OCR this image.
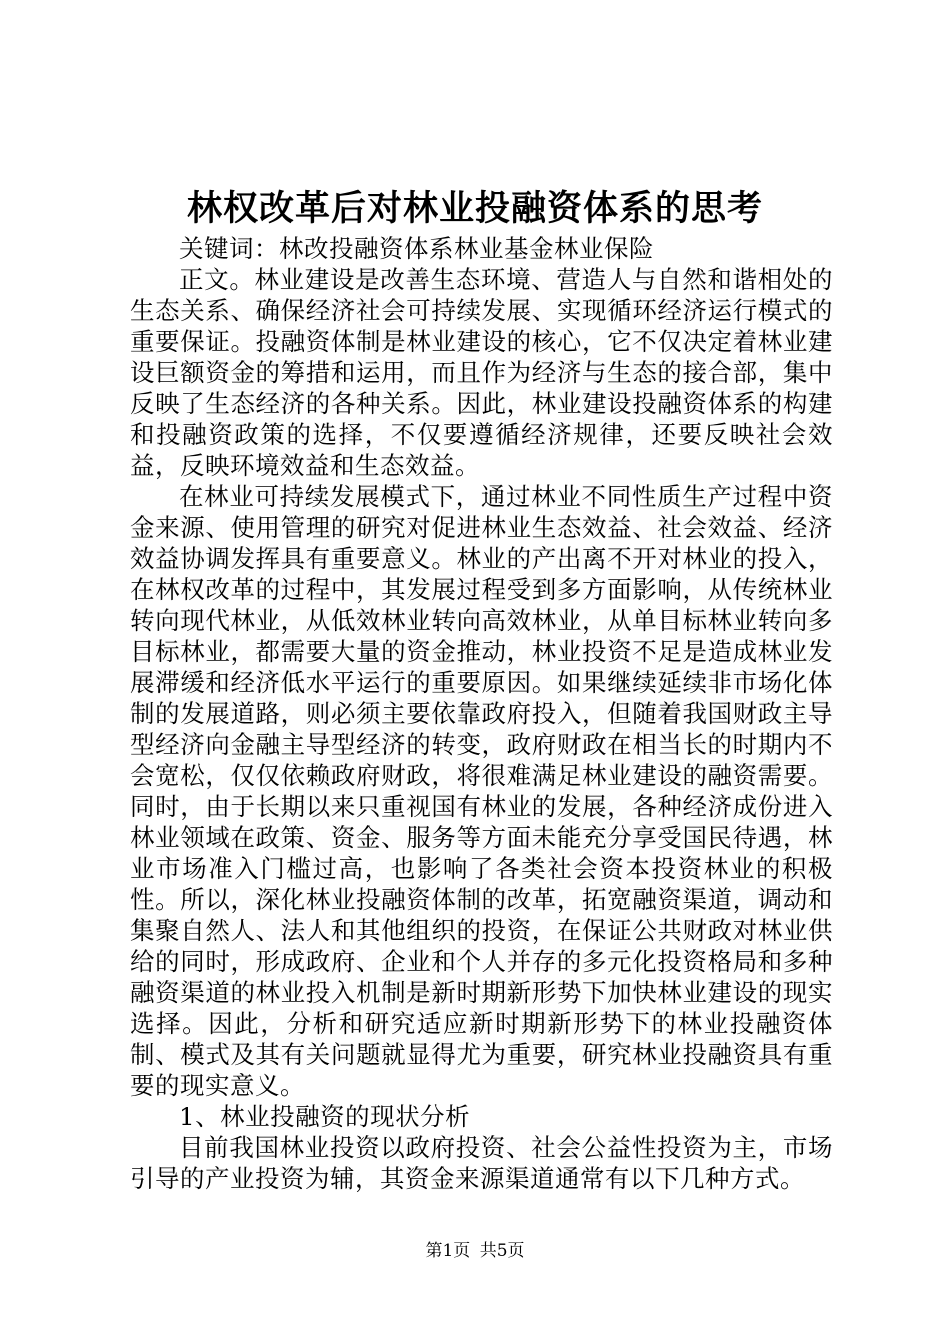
林权改革后对林业投融资体系的思考

关键词：林改投融资体系林业基金林业保险

正文。林业建设是改善生态环境、营造人与自然和谐相处的生态关系、确保经济社会可持续发展、实现循环经济运行模式的重要保证。投融资体制是林业建设的核心，它不仅决定着林业建设巨额资金的筹措和运用，而且作为经济与生态的接合部，集中反映了生态经济的各种关系。因此，林业建设投融资体系的构建和投融资政策的选择，不仅要遵循经济规律，还要反映社会效益，反映环境效益和生态效益。

在林业可持续发展模式下，通过林业不同性质生产过程中资金来源、使用管理的研究对促进林业生态效益、社会效益、经济效益协调发挥具有重要意义。林业的产出离不开对林业的投入，在林权改革的过程中，其发展过程受到多方面影响，从传统林业转向现代林业，从低效林业转向高效林业，从单目标林业转向多目标林业，都需要大量的资金推动，林业投资不足是造成林业发展滞缓和经济低水平运行的重要原因。如果继续延续非市场化体制的发展道路，则必须主要依靠政府投入，但随着我国财政主导型经济向金融主导型经济的转变，政府财政在相当长的时期内不会宽松，仅仅依赖政府财政，将很难满足林业建设的融资需要。同时，由于长期以来只重视国有林业的发展，各种经济成份进入林业领域在政策、资金、服务等方面未能充分享受国民待遇，林业市场准入门槛过高，也影响了各类社会资本投资林业的积极性。所以，深化林业投融资体制的改革，拓宽融资渠道，调动和集聚自然人、法人和其他组织的投资，在保证公共财政对林业供给的同时，形成政府、企业和个人并存的多元化投资格局和多种融资渠道的林业投入机制是新时期新形势下加快林业建设的现实选择。因此，分析和研究适应新时期新形势下的林业投融资体制、模式及其有关问题就显得尤为重要，研究林业投融资具有重要的现实意义。

1、林业投融资的现状分析

目前我国林业投资以政府投资、社会公益性投资为主，市场引导的产业投资为辅，其资金来源渠道通常有以下几种方式。

第1页 共5页
